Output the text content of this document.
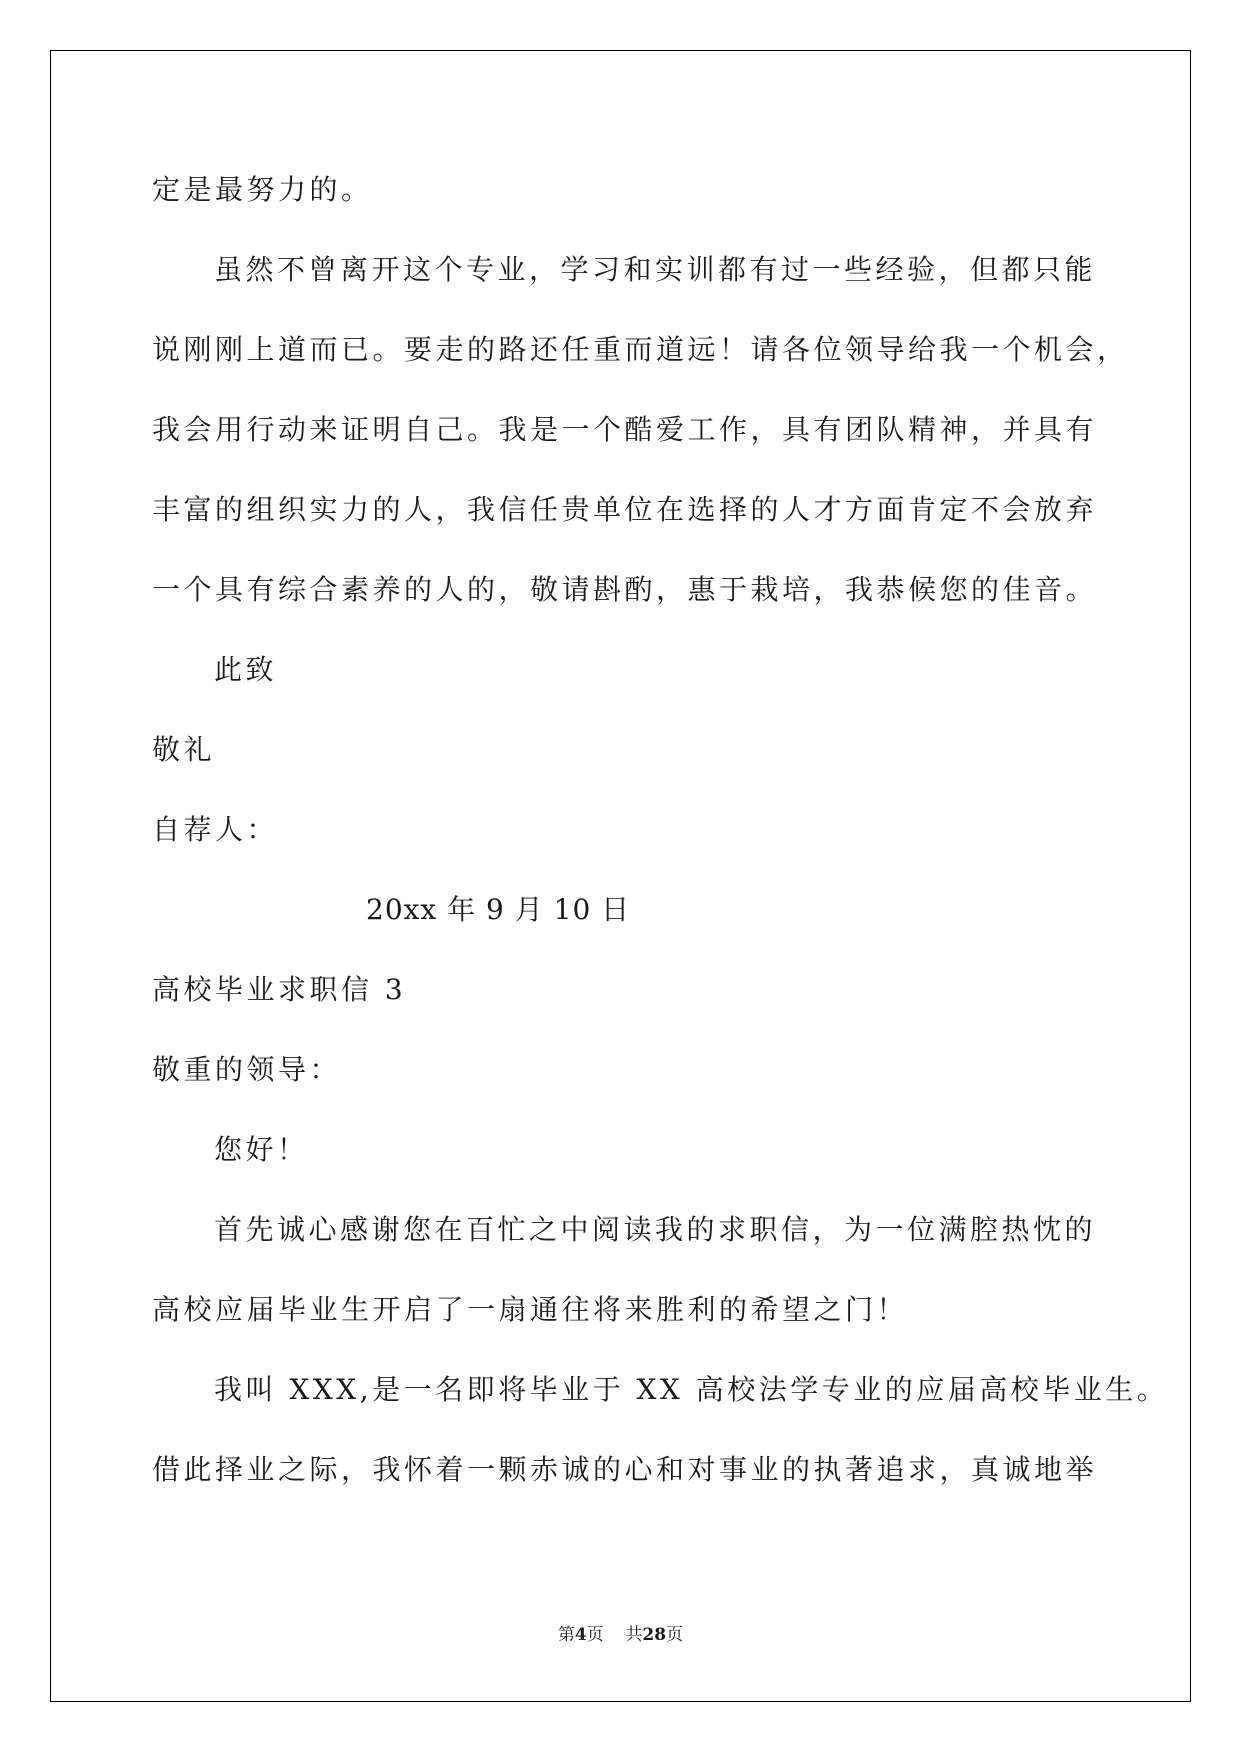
定是最努力的。
虽然不曾离开这个专业，学习和实训都有过一些经验，但都只能
说刚刚上道而已。要走的路还任重而道远！请各位领导给我一个机会，
我会用行动来证明自己。我是一个酷爱工作，具有团队精神，并具有
丰富的组织实力的人，我信任贵单位在选择的人才方面肯定不会放弃
一个具有综合素养的人的，敬请斟酌，惠于栽培，我恭候您的佳音。
此致
敬礼
自荐人：
20xx 年 9 月 10 日
高校毕业求职信 3
敬重的领导：
您好！
首先诚心感谢您在百忙之中阅读我的求职信，为一位满腔热忱的
高校应届毕业生开启了一扇通往将来胜利的希望之门！
我叫 XXX,是一名即将毕业于 XX 高校法学专业的应届高校毕业生。
借此择业之际，我怀着一颗赤诚的心和对事业的执著追求，真诚地举
第4页 共28页
